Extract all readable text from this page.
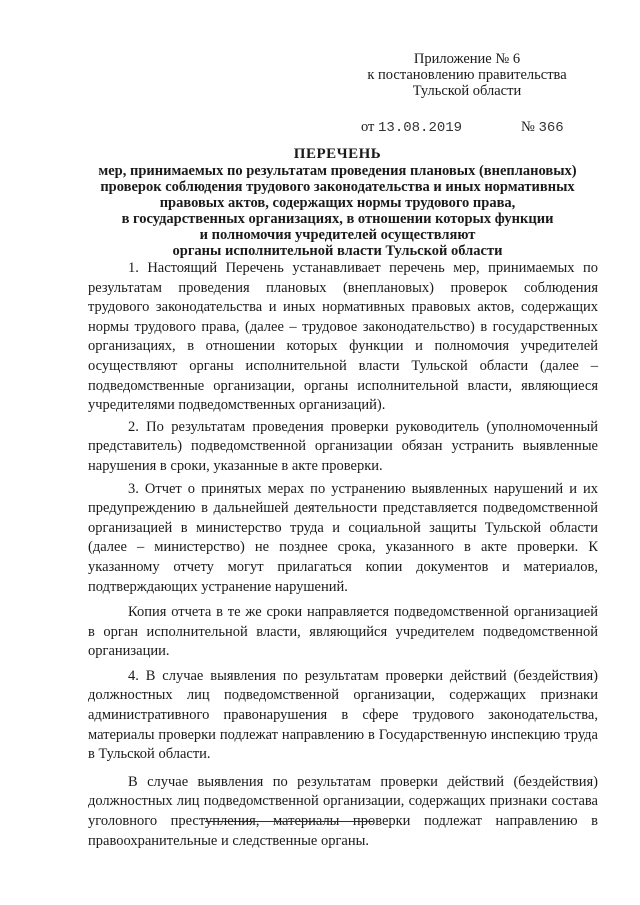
Приложение № 6
к постановлению правительства
Тульской области
от 13.08.2019	№ 366
ПЕРЕЧЕНЬ
мер, принимаемых по результатам проведения плановых (внеплановых)
проверок соблюдения трудового законодательства и иных нормативных
правовых актов, содержащих нормы трудового права,
в государственных организациях, в отношении которых функции
и полномочия учредителей осуществляют
органы исполнительной власти Тульской области

1. Настоящий Перечень устанавливает перечень мер, принимаемых по результатам проведения плановых (внеплановых) проверок соблюдения трудового законодательства и иных нормативных правовых актов, содержащих нормы трудового права, (далее – трудовое законодательство) в государственных организациях, в отношении которых функции и полномочия учредителей осуществляют органы исполнительной власти Тульской области (далее – подведомственные организации, органы исполнительной власти, являющиеся учредителями подведомственных организаций).

2. По результатам проведения проверки руководитель (уполномоченный представитель) подведомственной организации обязан устранить выявленные нарушения в сроки, указанные в акте проверки.

3. Отчет о принятых мерах по устранению выявленных нарушений и их предупреждению в дальнейшей деятельности представляется подведомственной организацией в министерство труда и социальной защиты Тульской области (далее – министерство) не позднее срока, указанного в акте проверки. К указанному отчету могут прилагаться копии документов и материалов, подтверждающих устранение нарушений.

Копия отчета в те же сроки направляется подведомственной организацией в орган исполнительной власти, являющийся учредителем подведомственной организации.

4. В случае выявления по результатам проверки действий (бездействия) должностных лиц подведомственной организации, содержащих признаки административного правонарушения в сфере трудового законодательства, материалы проверки подлежат направлению в Государственную инспекцию труда в Тульской области.

В случае выявления по результатам проверки действий (бездействия) должностных лиц подведомственной организации, содержащих признаки состава уголовного преступления, материалы проверки подлежат направлению в правоохранительные и следственные органы.
